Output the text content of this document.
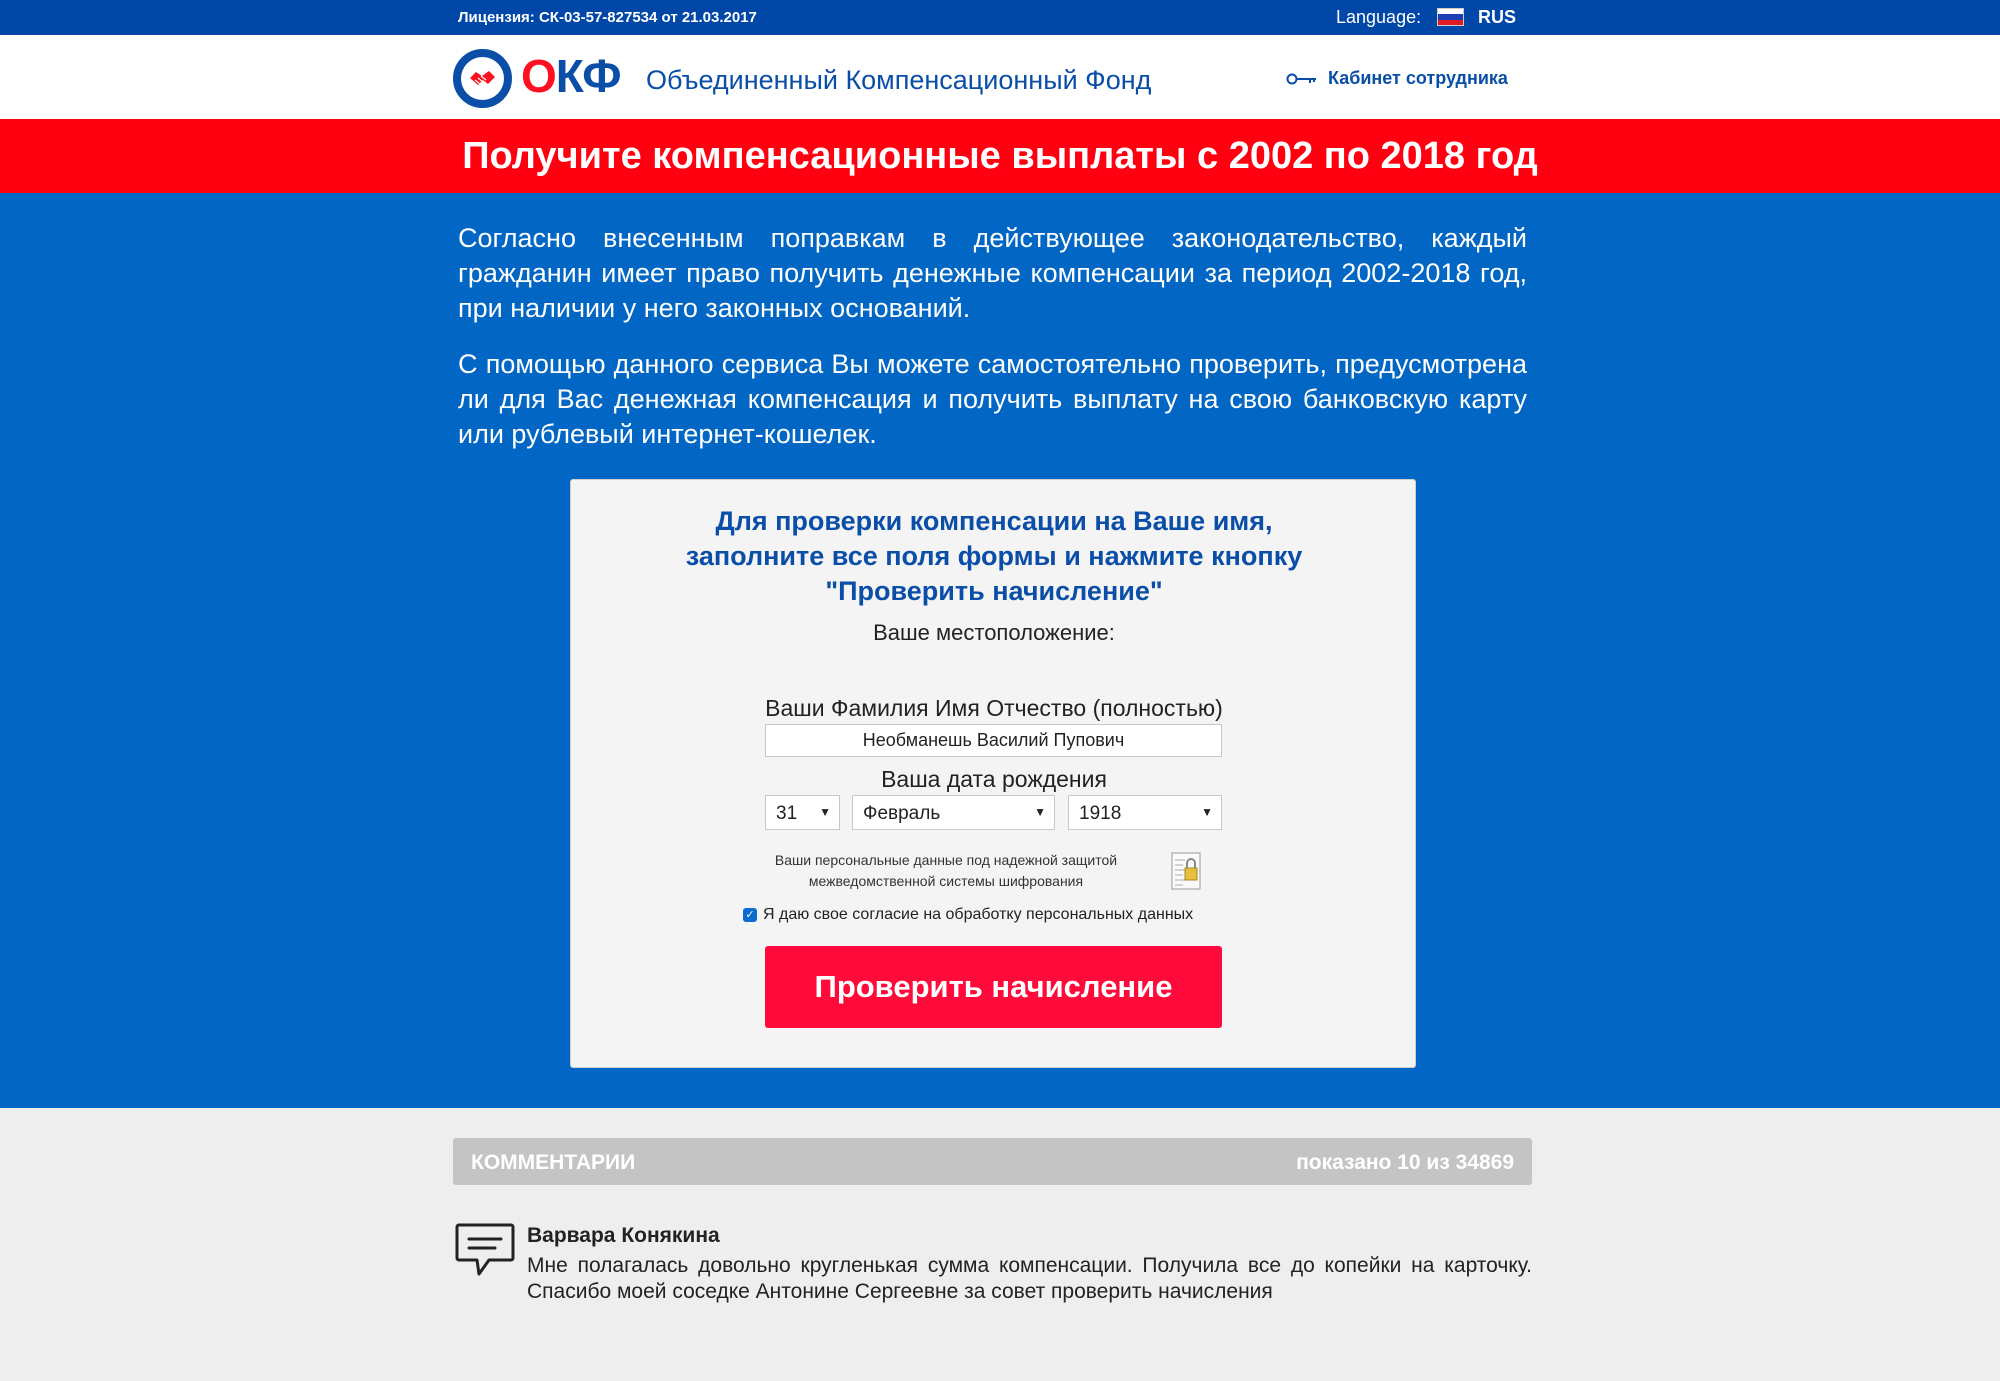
Лицензия: СК-03-57-827534 от 21.03.2017	Language:	RUS
ОКФ Объединенный Компенсационный Фонд	Кабинет сотрудника
Получите компенсационные выплаты с 2002 по 2018 год

Согласно внесенным поправкам в действующее законодательство, каждый гражданин имеет право получить денежные компенсации за период 2002-2018 год, при наличии у него законных оснований.

С помощью данного сервиса Вы можете самостоятельно проверить, предусмотрена ли для Вас денежная компенсация и получить выплату на свою банковскую карту или рублевый интернет-кошелек.

Для проверки компенсации на Ваше имя,
заполните все поля формы и нажмите кнопку
"Проверить начисление"
Ваше местоположение:
Ваши Фамилия Имя Отчество (полностью)
Необманешь Василий Пупович
Ваша дата рождения
31 ▼	Февраль	▼	1918	▼
Ваши персональные данные под надежной защитой
межведомственной системы шифрования
✓ Я даю свое согласие на обработку персональных данных
Проверить начисление
КОММЕНТАРИИ	показано 10 из 34869
Варвара Конякина
Мне полагалась довольно кругленькая сумма компенсации. Получила все до копейки на карточку. Спасибо моей соседке Антонине Сергеевне за совет проверить начисления
